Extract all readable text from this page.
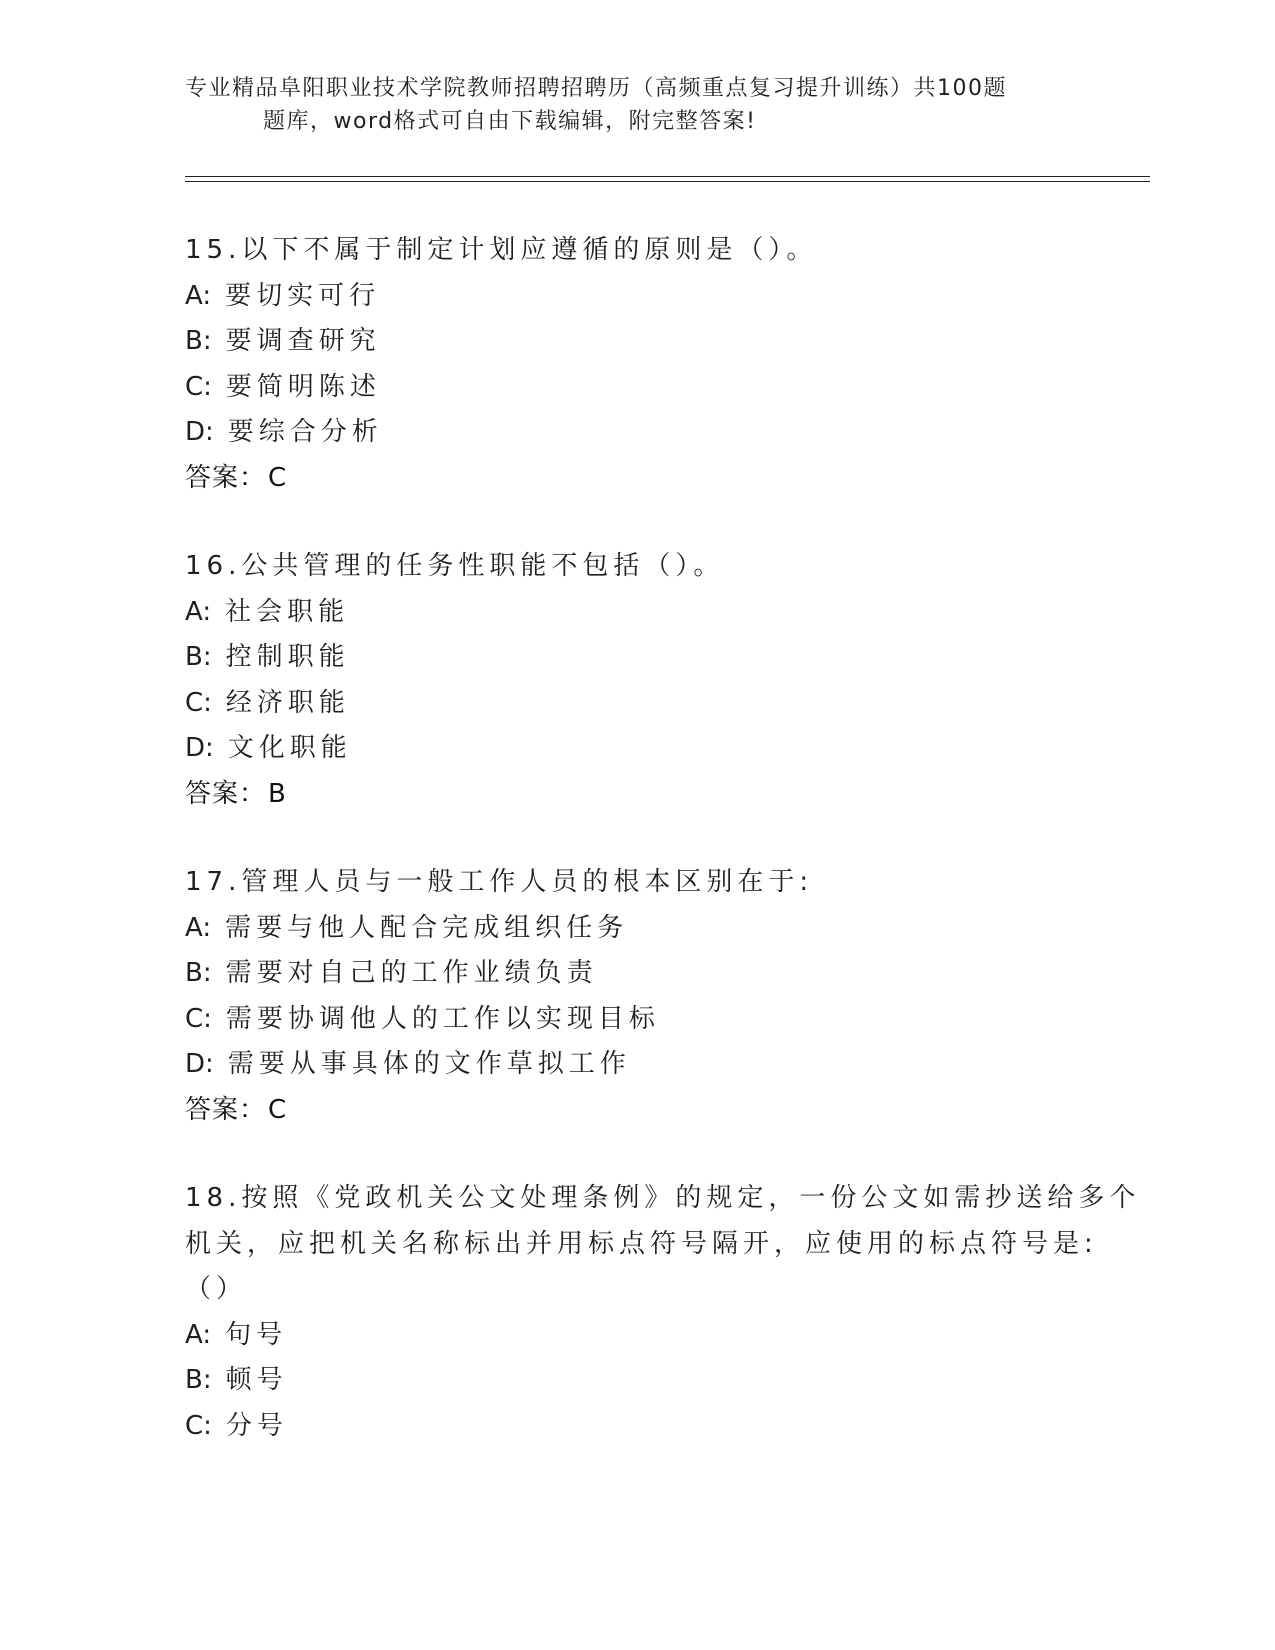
专业精品阜阳职业技术学院教师招聘招聘历（高频重点复习提升训练）共100题
题库，word格式可自由下载编辑，附完整答案!
15.以下不属于制定计划应遵循的原则是（）。
A: 要切实可行
B: 要调查研究
C: 要简明陈述
D: 要综合分析
答案：C
16.公共管理的任务性职能不包括（）。
A: 社会职能
B: 控制职能
C: 经济职能
D: 文化职能
答案：B
17.管理人员与一般工作人员的根本区别在于:
A: 需要与他人配合完成组织任务
B: 需要对自己的工作业绩负责
C: 需要协调他人的工作以实现目标
D: 需要从事具体的文作草拟工作
答案：C
18.按照《党政机关公文处理条例》的规定，一份公文如需抄送给多个
机关，应把机关名称标出并用标点符号隔开，应使用的标点符号是:
（）
A: 句号
B: 顿号
C: 分号
